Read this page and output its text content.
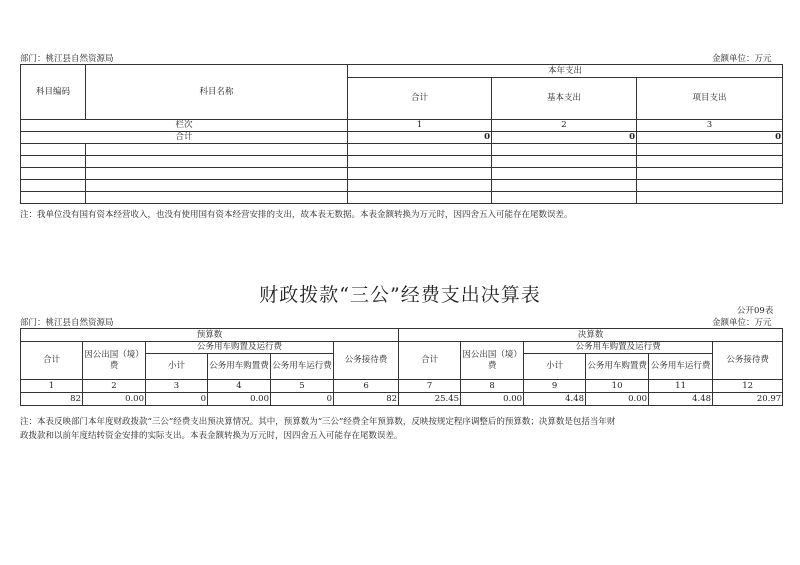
部门：桃江县自然资源局	金额单位：万元
科目编码	科目名称	本年支出		
		合计	基本支出	项目支出
栏次		1	2	3
合计		0	0	0

注：我单位没有国有资本经营收入，也没有使用国有资本经营安排的支出，故本表无数据。本表金额转换为万元时，因四舍五入可能存在尾数误差。
财政拨款“三公”经费支出决算表
公开09表
部门：桃江县自然资源局	金额单位：万元
预算数						决算数					
合计	因公出国（境）费	公务用车购置及运行费			公务接待费	合计	因公出国（境）费	公务用车购置及运行费			公务接待费
		小计	公务用车购置费	公务用车运行费				小计	公务用车购置费	公务用车运行费	
1	2	3	4	5	6	7	8	9	10	11	12
82	0.00	0	0.00	0	82	25.45	0.00	4.48	0.00	4.48	20.97
注：本表反映部门本年度财政拨款“三公”经费支出预决算情况。其中，预算数为“三公”经费全年预算数，反映按规定程序调整后的预算数；决算数是包括当年财
政拨款和以前年度结转资金安排的实际支出。本表金额转换为万元时，因四舍五入可能存在尾数误差。
